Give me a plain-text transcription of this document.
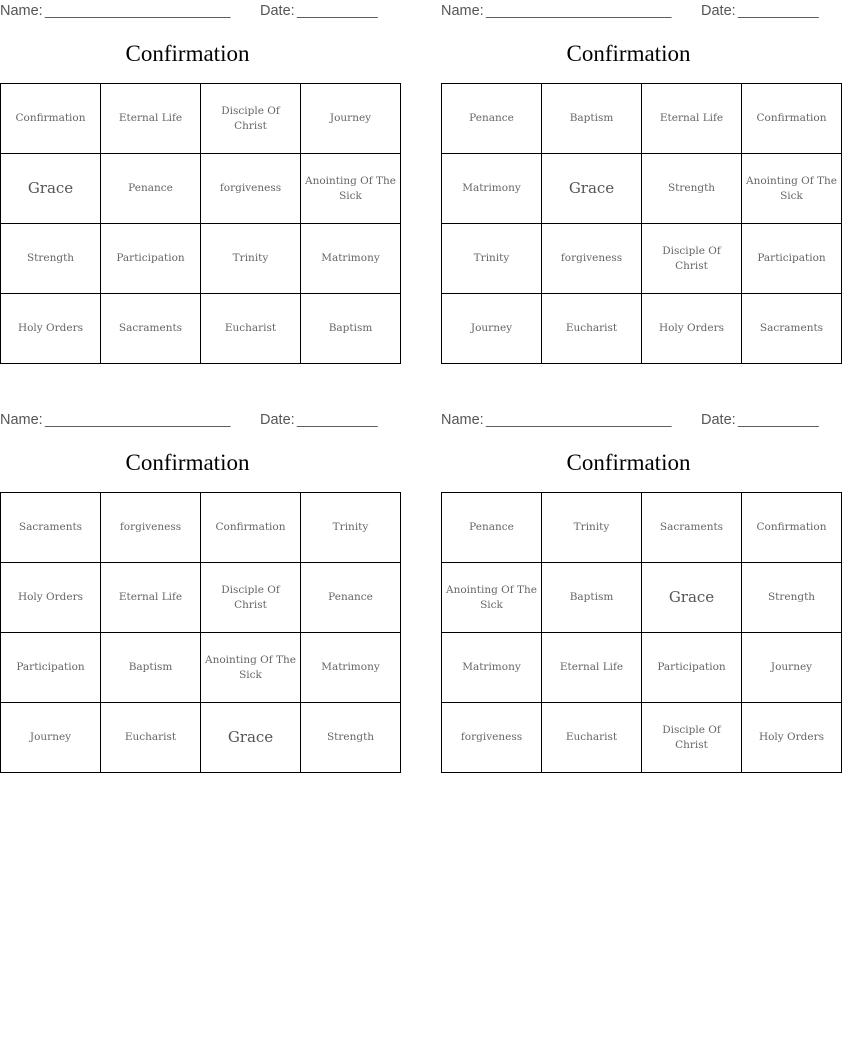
Name: _______________________ Date: __________
Confirmation
Confirmation	Eternal Life	Disciple Of Christ	Journey
Grace	Penance	forgiveness	Anointing Of The Sick
Strength	Participation	Trinity	Matrimony
Holy Orders	Sacraments	Eucharist	Baptism
Name: _______________________ Date: __________
Confirmation
Penance	Baptism	Eternal Life	Confirmation
Matrimony	Grace	Strength	Anointing Of The Sick
Trinity	forgiveness	Disciple Of Christ	Participation
Journey	Eucharist	Holy Orders	Sacraments
Name: _______________________ Date: __________
Confirmation
Sacraments	forgiveness	Confirmation	Trinity
Holy Orders	Eternal Life	Disciple Of Christ	Penance
Participation	Baptism	Anointing Of The Sick	Matrimony
Journey	Eucharist	Grace	Strength
Name: _______________________ Date: __________
Confirmation
Penance	Trinity	Sacraments	Confirmation
Anointing Of The Sick	Baptism	Grace	Strength
Matrimony	Eternal Life	Participation	Journey
forgiveness	Eucharist	Disciple Of Christ	Holy Orders
